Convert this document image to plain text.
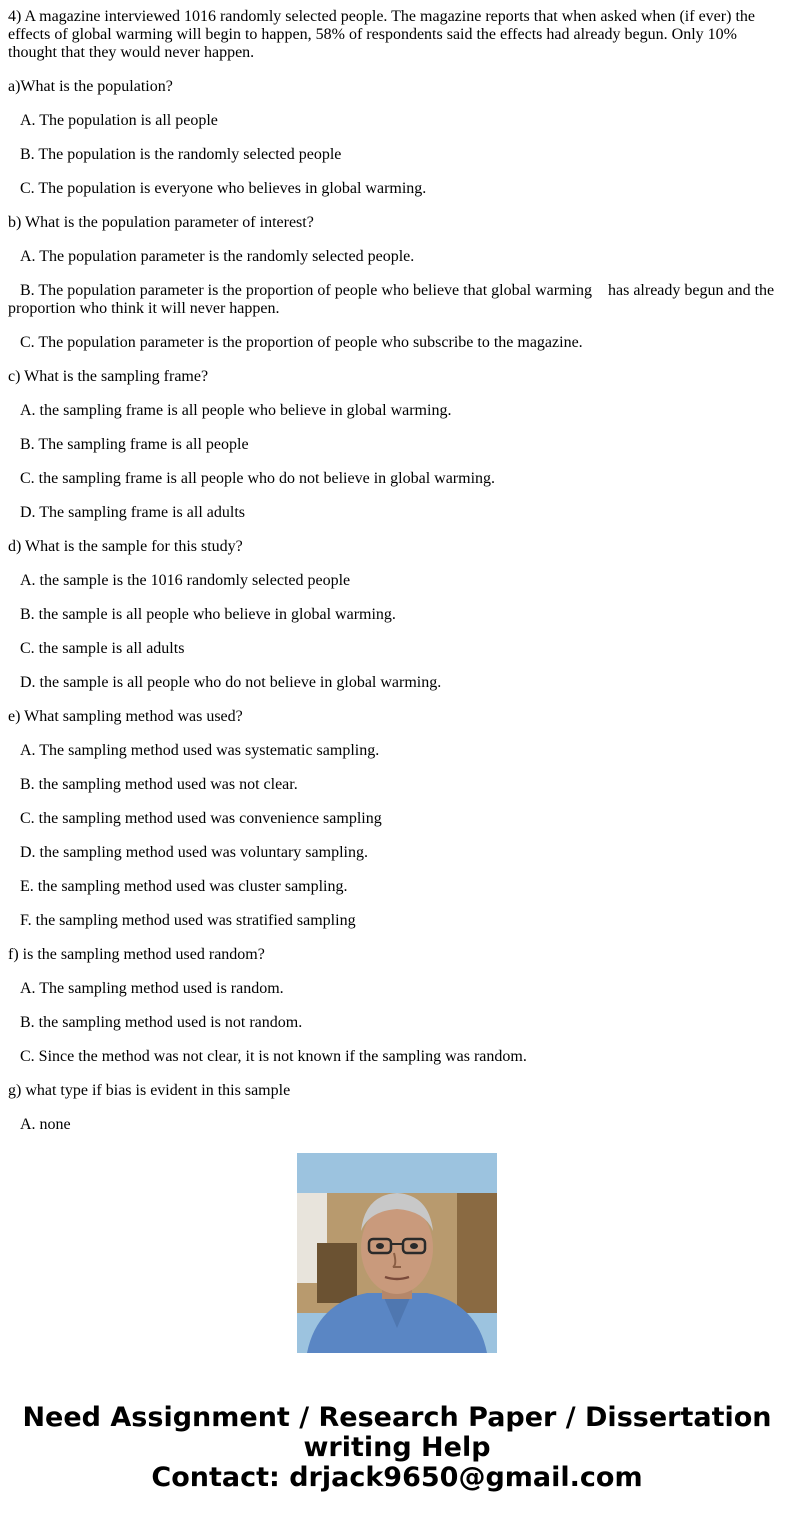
4) A magazine interviewed 1016 randomly selected people. The magazine reports that when asked when (if ever) the effects of global warming will begin to happen, 58% of respondents said the effects had already begun. Only 10% thought that they would never happen.

a)What is the population?

A. The population is all people

B. The population is the randomly selected people

C. The population is everyone who believes in global warming.

b) What is the population parameter of interest?

A. The population parameter is the randomly selected people.

B. The population parameter is the proportion of people who believe that global warming    has already begun and the proportion who think it will never happen.

C. The population parameter is the proportion of people who subscribe to the magazine.

c) What is the sampling frame?

A. the sampling frame is all people who believe in global warming.

B. The sampling frame is all people

C. the sampling frame is all people who do not believe in global warming.

D. The sampling frame is all adults

d) What is the sample for this study?

A. the sample is the 1016 randomly selected people

B. the sample is all people who believe in global warming.

C. the sample is all adults

D. the sample is all people who do not believe in global warming.

e) What sampling method was used?

A. The sampling method used was systematic sampling.

B. the sampling method used was not clear.

C. the sampling method used was convenience sampling

D. the sampling method used was voluntary sampling.

E. the sampling method used was cluster sampling.

F. the sampling method used was stratified sampling

f) is the sampling method used random?

A. The sampling method used is random.

B. the sampling method used is not random.

C. Since the method was not clear, it is not known if the sampling was random.

g) what type if bias is evident in this sample

A. none

Need Assignment / Research Paper / Dissertation writing Help
Contact: drjack9650@gmail.com
